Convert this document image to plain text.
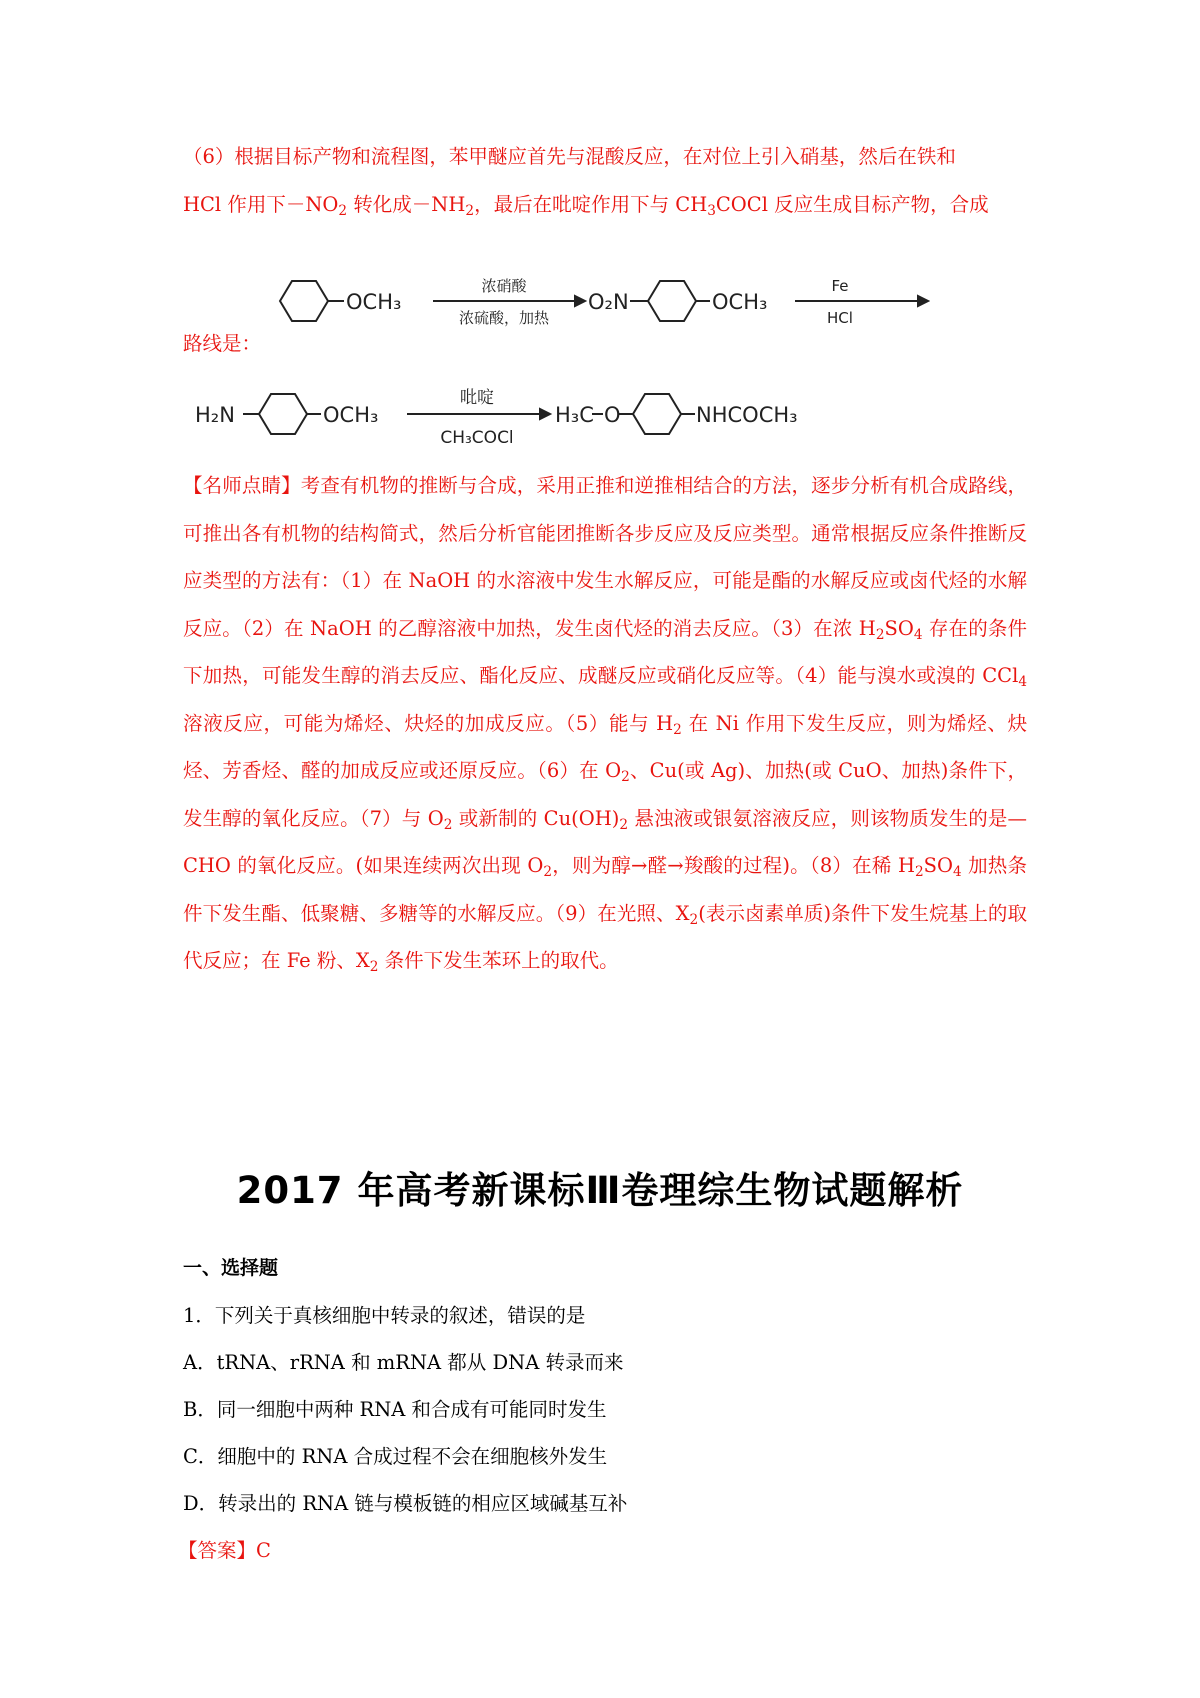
（6）根据目标产物和流程图，苯甲醚应首先与混酸反应，在对位上引入硝基，然后在铁和
HCl 作用下$-NO_2$ 转化成$-NH_2$，最后在吡啶作用下与 $CH_3COCl$ 反应生成目标产物，合成
OCH₃
浓硝酸
浓硫酸，加热
O₂N	OCH₃
Fe
HCl
路线是：
H₂N	OCH₃
吡啶
CH₃COCl
H₃C O	NHCOCH₃
【名师点睛】考查有机物的推断与合成，采用正推和逆推相结合的方法，逐步分析有机合成路线，可推出各有机物的结构简式，然后分析官能团推断各步反应及反应类型。通常根据反应条件推断反应类型的方法有：（1）在 NaOH 的水溶液中发生水解反应，可能是酯的水解反应或卤代烃的水解反应。（2）在 NaOH 的乙醇溶液中加热，发生卤代烃的消去反应。（3）在浓 $H_2SO_4$ 存在的条件下加热，可能发生醇的消去反应、酯化反应、成醚反应或硝化反应等。（4）能与溴水或溴的 CCl$_4$ 溶液反应，可能为烯烃、炔烃的加成反应。（5）能与 $H_2$ 在 Ni 作用下发生反应，则为烯烃、炔烃、芳香烃、醛的加成反应或还原反应。（6）在 $O_2$、Cu(或 Ag)、加热(或 CuO、加热)条件下，发生醇的氧化反应。（7）与 $O_2$ 或新制的 $Cu(OH)_2$ 悬浊液或银氨溶液反应，则该物质发生的是—CHO 的氧化反应。(如果连续两次出现 $O_2$，则为醇→醛→羧酸的过程)。（8）在稀 $H_2SO_4$ 加热条件下发生酯、低聚糖、多糖等的水解反应。（9）在光照、$X_2$(表示卤素单质)条件下发生烷基上的取代反应；在 Fe 粉、$X_2$ 条件下发生苯环上的取代。
2017 年高考新课标Ⅲ卷理综生物试题解析
一、选择题
1．下列关于真核细胞中转录的叙述，错误的是
A．tRNA、rRNA 和 mRNA 都从 DNA 转录而来
B．同一细胞中两种 RNA 和合成有可能同时发生
C．细胞中的 RNA 合成过程不会在细胞核外发生
D．转录出的 RNA 链与模板链的相应区域碱基互补
【答案】C
